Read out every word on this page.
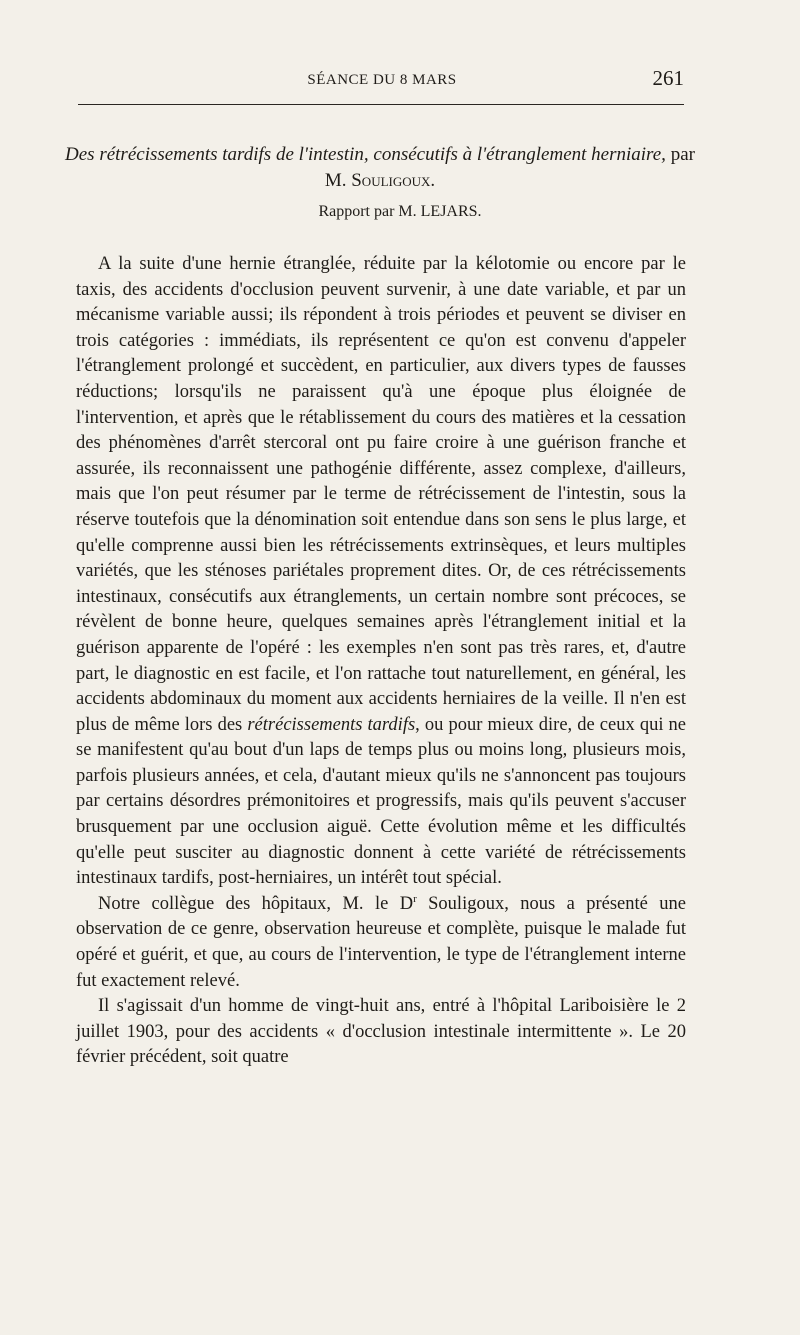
SÉANCE DU 8 MARS	261
Des rétrécissements tardifs de l'intestin, consécutifs à l'étranglement herniaire, par M. Souligoux.
Rapport par M. LEJARS.

A la suite d'une hernie étranglée, réduite par la kélotomie ou encore par le taxis, des accidents d'occlusion peuvent survenir, à une date variable, et par un mécanisme variable aussi; ils répondent à trois périodes et peuvent se diviser en trois catégories : immédiats, ils représentent ce qu'on est convenu d'appeler l'étranglement prolongé et succèdent, en particulier, aux divers types de fausses réductions; lorsqu'ils ne paraissent qu'à une époque plus éloignée de l'intervention, et après que le rétablissement du cours des matières et la cessation des phénomènes d'arrêt stercoral ont pu faire croire à une guérison franche et assurée, ils reconnaissent une pathogénie différente, assez complexe, d'ailleurs, mais que l'on peut résumer par le terme de rétrécissement de l'intestin, sous la réserve toutefois que la dénomination soit entendue dans son sens le plus large, et qu'elle comprenne aussi bien les rétrécissements extrinsèques, et leurs multiples variétés, que les sténoses pariétales proprement dites. Or, de ces rétrécissements intestinaux, consécutifs aux étranglements, un certain nombre sont précoces, se révèlent de bonne heure, quelques semaines après l'étranglement initial et la guérison apparente de l'opéré : les exemples n'en sont pas très rares, et, d'autre part, le diagnostic en est facile, et l'on rattache tout naturellement, en général, les accidents abdominaux du moment aux accidents herniaires de la veille. Il n'en est plus de même lors des rétrécissements tardifs, ou pour mieux dire, de ceux qui ne se manifestent qu'au bout d'un laps de temps plus ou moins long, plusieurs mois, parfois plusieurs années, et cela, d'autant mieux qu'ils ne s'annoncent pas toujours par certains désordres prémonitoires et progressifs, mais qu'ils peuvent s'accuser brusquement par une occlusion aiguë. Cette évolution même et les difficultés qu'elle peut susciter au diagnostic donnent à cette variété de rétrécissements intestinaux tardifs, post-herniaires, un intérêt tout spécial.

Notre collègue des hôpitaux, M. le $D^r$ Souligoux, nous a présenté une observation de ce genre, observation heureuse et complète, puisque le malade fut opéré et guérit, et que, au cours de l'intervention, le type de l'étranglement interne fut exactement relevé.

Il s'agissait d'un homme de vingt-huit ans, entré à l'hôpital Lariboisière le 2 juillet 1903, pour des accidents « d'occlusion intestinale intermittente ». Le 20 février précédent, soit quatre
